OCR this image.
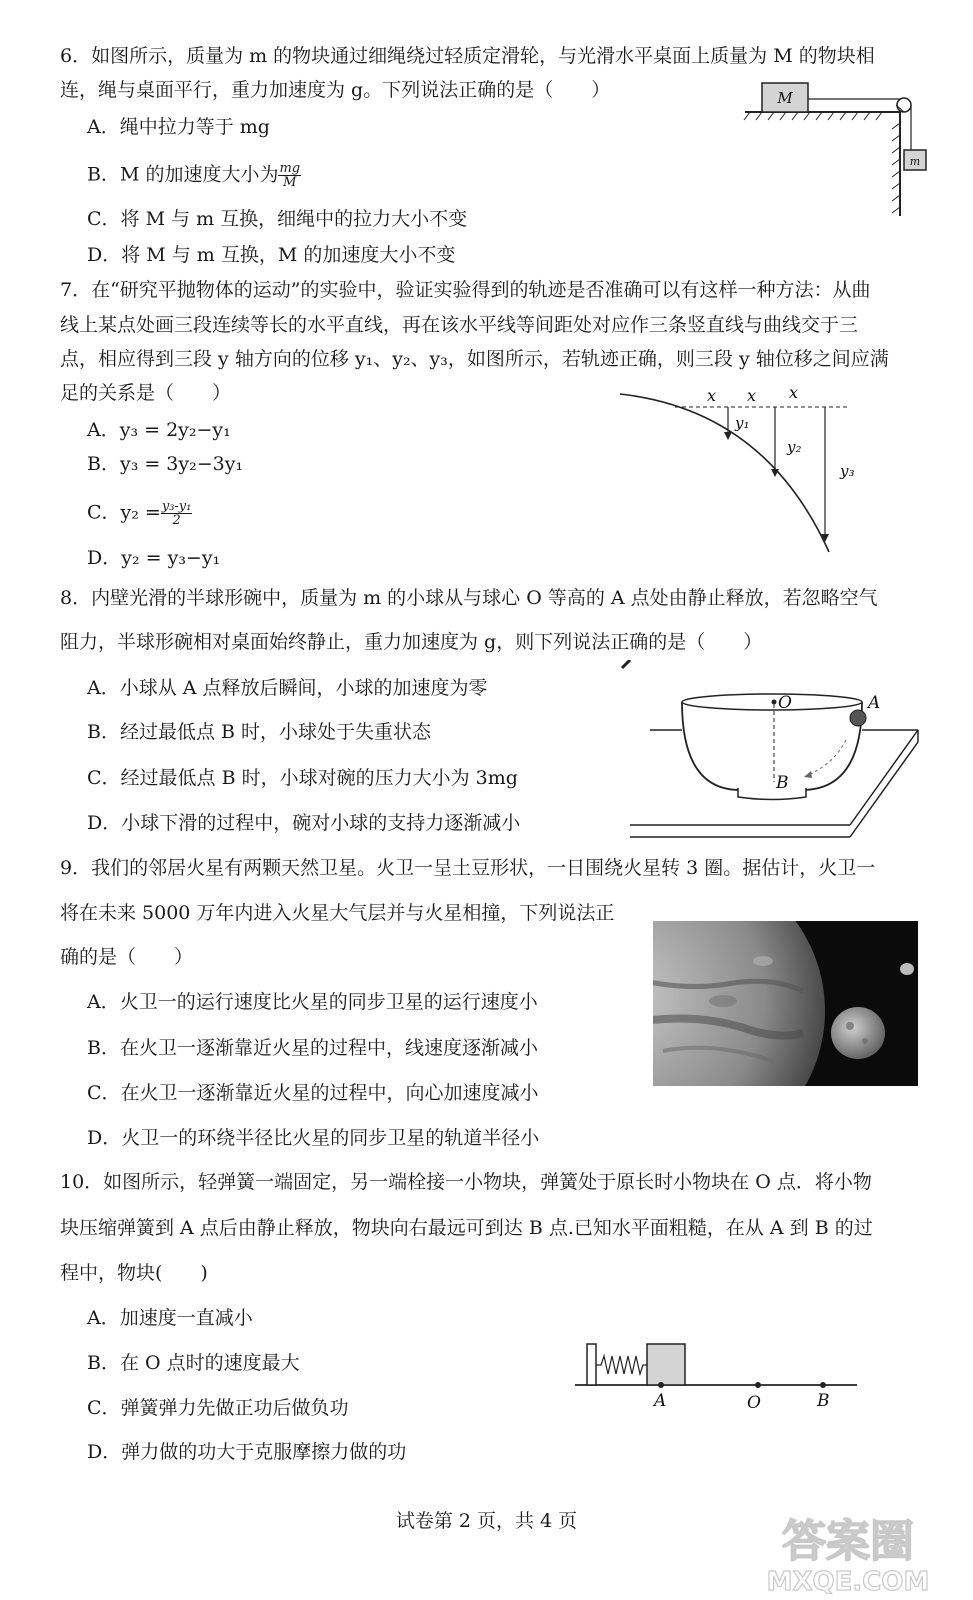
6．如图所示，质量为 m 的物块通过细绳绕过轻质定滑轮，与光滑水平桌面上质量为 M 的物块相
连，绳与桌面平行，重力加速度为 g。下列说法正确的是（　　）
A．绳中拉力等于 mg
B．M 的加速度大小为 $\frac{mg}{M}$
C．将 M 与 m 互换，细绳中的拉力大小不变
D．将 M 与 m 互换，M 的加速度大小不变
M
m
7．在“研究平抛物体的运动”的实验中，验证实验得到的轨迹是否准确可以有这样一种方法：从曲
线上某点处画三段连续等长的水平直线，再在该水平线等间距处对应作三条竖直线与曲线交于三
点，相应得到三段 y 轴方向的位移 y₁、y₂、y₃，如图所示，若轨迹正确，则三段 y 轴位移之间应满
足的关系是（　　）
A．y₃ = 2y₂−y₁
B．y₃ = 3y₂−3y₁
C．$y_2 = \frac{\text{y₃-y₁}}{2}$
D．y₂ = y₃−y₁
x x x
y₁
y₂
y₃
8．内壁光滑的半球形碗中，质量为 m 的小球从与球心 O 等高的 A 点处由静止释放，若忽略空气
阻力，半球形碗相对桌面始终静止，重力加速度为 g，则下列说法正确的是（　　）
A．小球从 A 点释放后瞬间，小球的加速度为零
B．经过最低点 B 时，小球处于失重状态
C．经过最低点 B 时，小球对碗的压力大小为 3mg
D．小球下滑的过程中，碗对小球的支持力逐渐减小
O	A
B
9．我们的邻居火星有两颗天然卫星。火卫一呈土豆形状，一日围绕火星转 3 圈。据估计，火卫一
将在未来 5000 万年内进入火星大气层并与火星相撞，下列说法正
确的是（　　）
A．火卫一的运行速度比火星的同步卫星的运行速度小
B．在火卫一逐渐靠近火星的过程中，线速度逐渐减小
C．在火卫一逐渐靠近火星的过程中，向心加速度减小
D．火卫一的环绕半径比火星的同步卫星的轨道半径小
10．如图所示，轻弹簧一端固定，另一端栓接一小物块，弹簧处于原长时小物块在 O 点．将小物
块压缩弹簧到 A 点后由静止释放，物块向右最远可到达 B 点.已知水平面粗糙，在从 A 到 B 的过
程中，物块(　　)
A．加速度一直减小
B．在 O 点时的速度最大
C．弹簧弹力先做正功后做负功
D．弹力做的功大于克服摩擦力做的功
A	O	B
试卷第 2 页，共 4 页	答案圈
MXQE.COM
